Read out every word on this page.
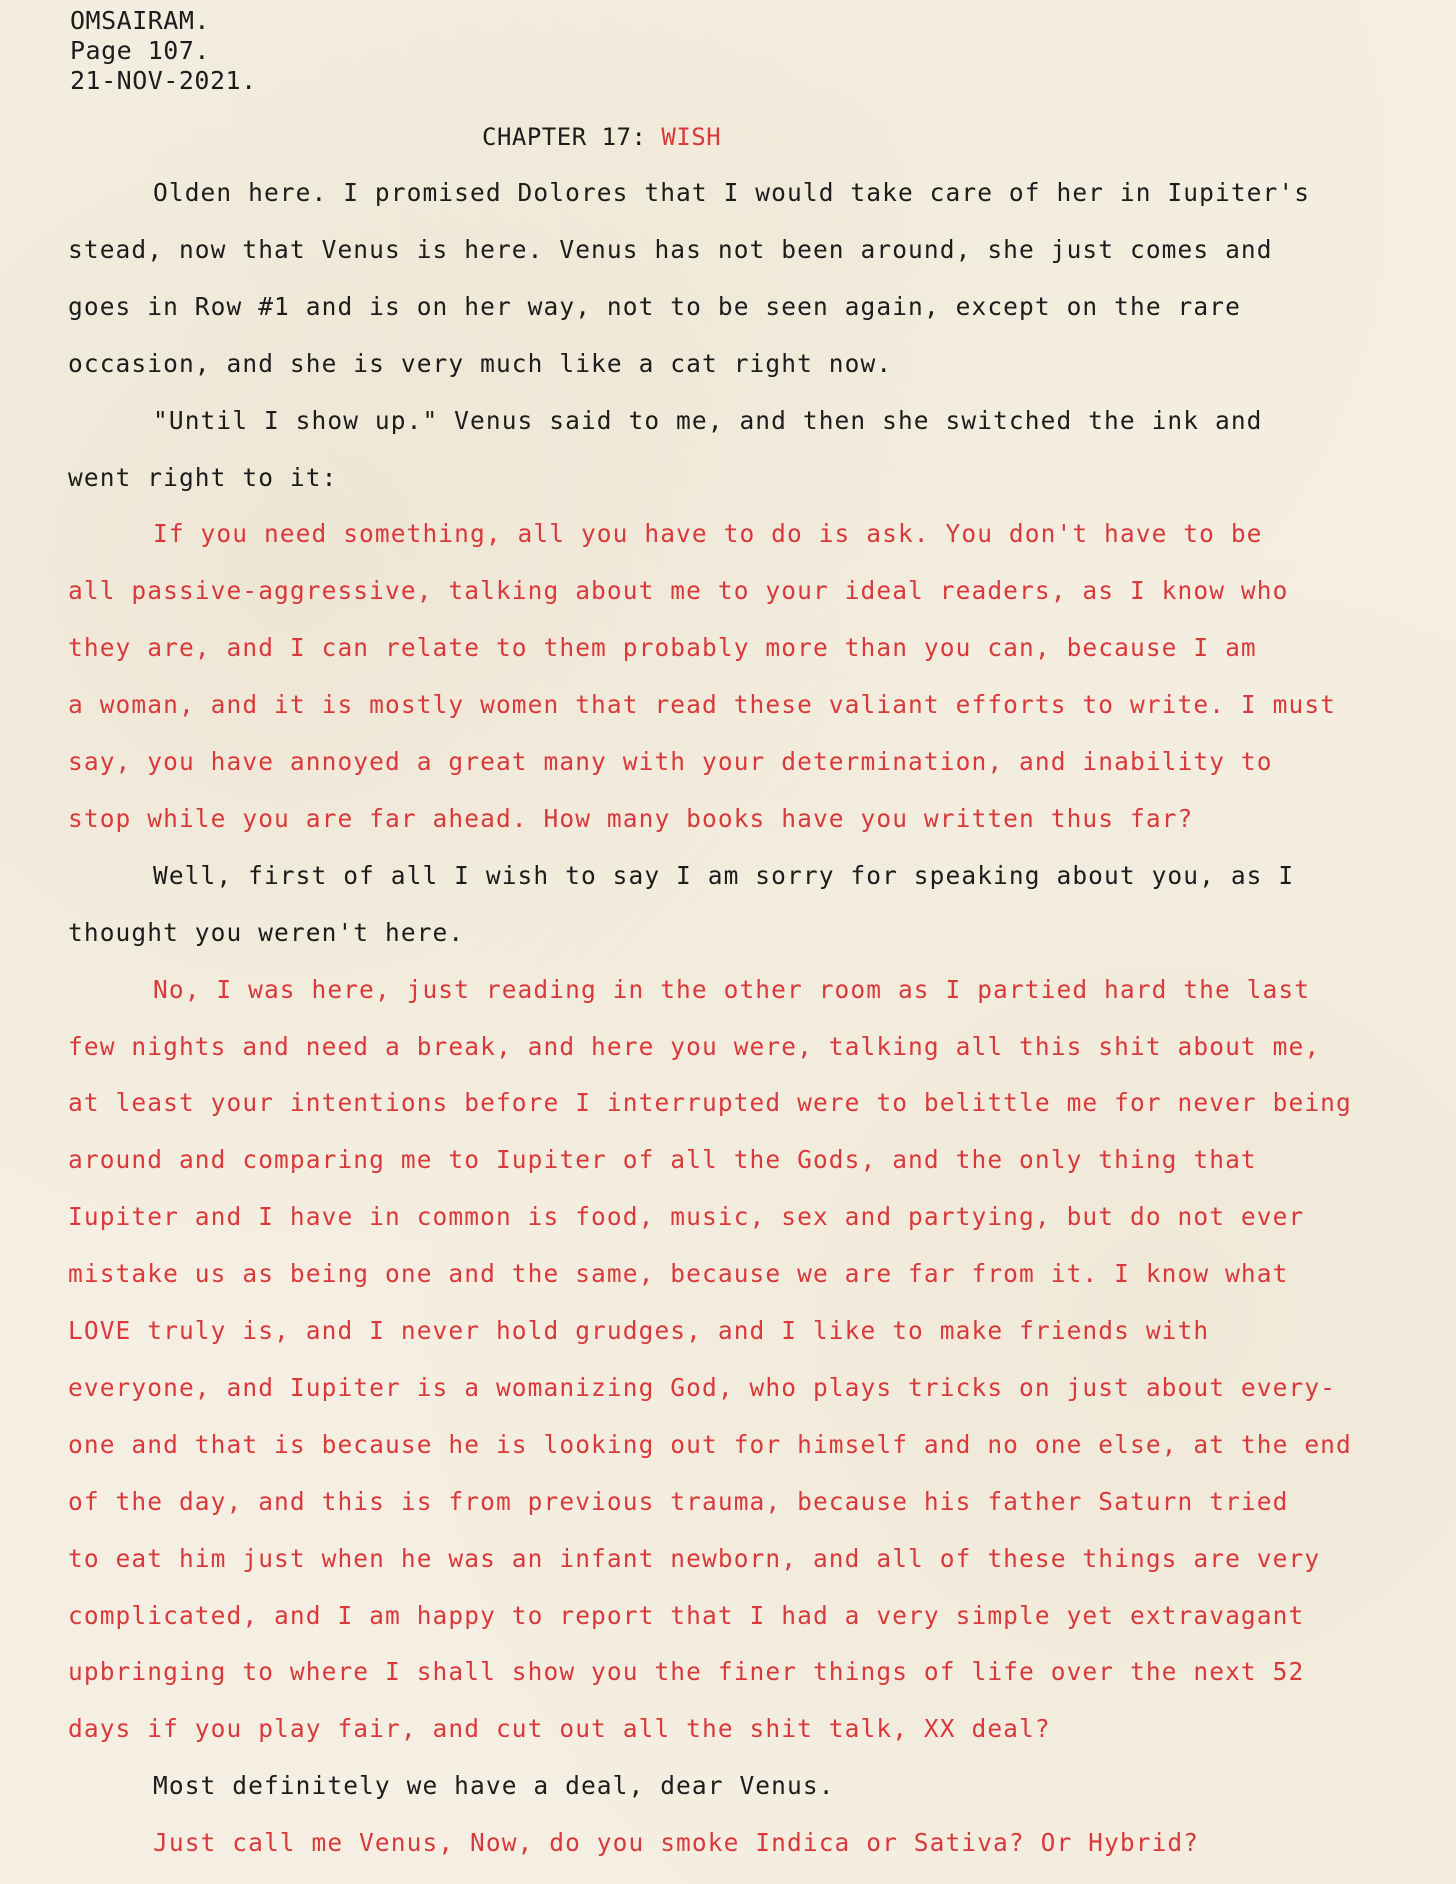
OMSAIRAM.
Page 107.
21-NOV-2021.
CHAPTER 17: WISH
Olden here. I promised Dolores that I would take care of her in Iupiter's
stead, now that Venus is here. Venus has not been around, she just comes and
goes in Row #1 and is on her way, not to be seen again, except on the rare
occasion, and she is very much like a cat right now.
"Until I show up." Venus said to me, and then she switched the ink and
went right to it:
If you need something, all you have to do is ask. You don't have to be
all passive-aggressive, talking about me to your ideal readers, as I know who
they are, and I can relate to them probably more than you can, because I am
a woman, and it is mostly women that read these valiant efforts to write. I must
say, you have annoyed a great many with your determination, and inability to
stop while you are far ahead. How many books have you written thus far?
Well, first of all I wish to say I am sorry for speaking about you, as I
thought you weren't here.
No, I was here, just reading in the other room as I partied hard the last
few nights and need a break, and here you were, talking all this shit about me,
at least your intentions before I interrupted were to belittle me for never being
around and comparing me to Iupiter of all the Gods, and the only thing that
Iupiter and I have in common is food, music, sex and partying, but do not ever
mistake us as being one and the same, because we are far from it. I know what
LOVE truly is, and I never hold grudges, and I like to make friends with
everyone, and Iupiter is a womanizing God, who plays tricks on just about every-
one and that is because he is looking out for himself and no one else, at the end
of the day, and this is from previous trauma, because his father Saturn tried
to eat him just when he was an infant newborn, and all of these things are very
complicated, and I am happy to report that I had a very simple yet extravagant
upbringing to where I shall show you the finer things of life over the next 52
days if you play fair, and cut out all the shit talk, XX deal?
Most definitely we have a deal, dear Venus.
Just call me Venus, Now, do you smoke Indica or Sativa? Or Hybrid?
